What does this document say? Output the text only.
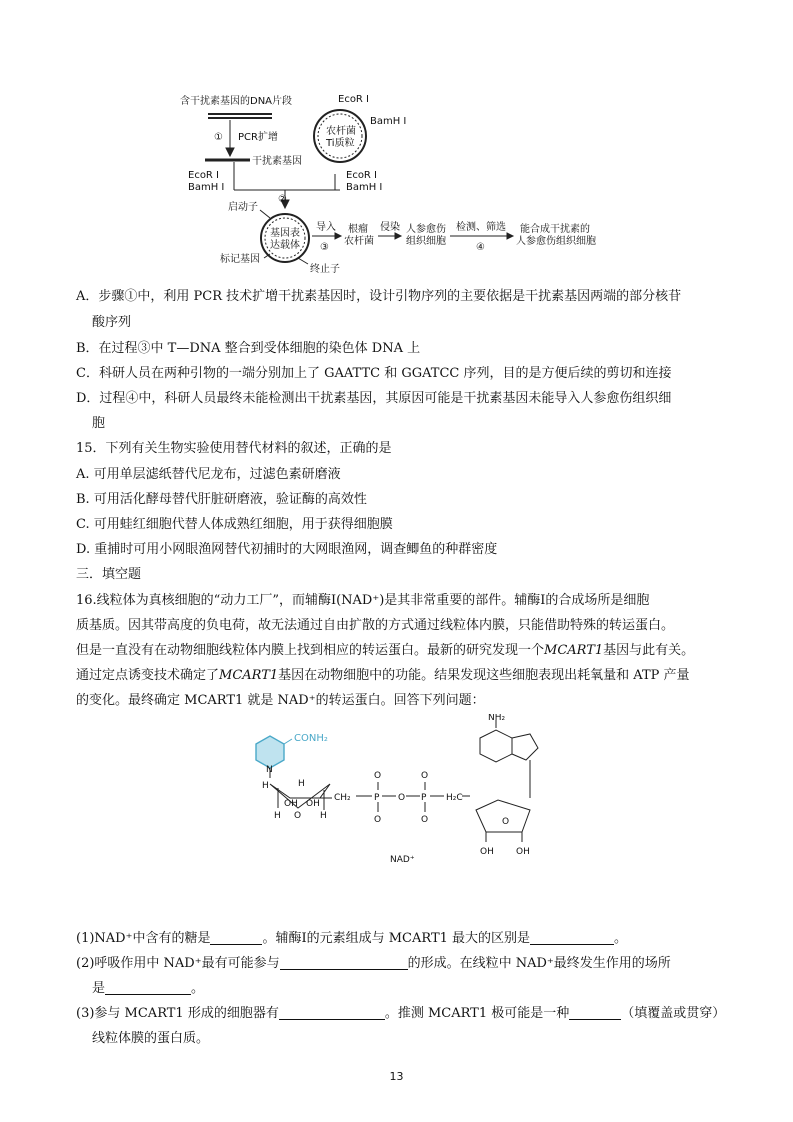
含干扰素基因的DNA片段
① PCR扩增
干扰素基因
EcoR Ⅰ
BamH Ⅰ
EcoR Ⅰ
BamH Ⅰ
农杆菌
Ti质粒
EcoR Ⅰ
BamH Ⅰ
②
启动子
基因表
达载体
导入
③
根瘤
农杆菌
侵染 人参愈伤
组织细胞
检测、筛选
④
能合成干扰素的
人参愈伤组织细胞
标记基因
终止子
A．步骤①中，利用 PCR 技术扩增干扰素基因时，设计引物序列的主要依据是干扰素基因两端的部分核苷
酸序列
B．在过程③中 T—DNA 整合到受体细胞的染色体 DNA 上
C．科研人员在两种引物的一端分别加上了 GAATTC 和 GGATCC 序列，目的是方便后续的剪切和连接
D．过程④中，科研人员最终未能检测出干扰素基因，其原因可能是干扰素基因未能导入人参愈伤组织细
胞
15．下列有关生物实验使用替代材料的叙述，正确的是
A. 可用单层滤纸替代尼龙布，过滤色素研磨液
B. 可用活化酵母替代肝脏研磨液，验证酶的高效性
C. 可用蛙红细胞代替人体成熟红细胞，用于获得细胞膜
D. 重捕时可用小网眼渔网替代初捕时的大网眼渔网，调查鲫鱼的种群密度
三．填空题
16.线粒体为真核细胞的“动力工厂”，而辅酶Ⅰ(NAD⁺)是其非常重要的部件。辅酶Ⅰ的合成场所是细胞
质基质。因其带高度的负电荷，故无法通过自由扩散的方式通过线粒体内膜，只能借助特殊的转运蛋白。
但是一直没有在动物细胞线粒体内膜上找到相应的转运蛋白。最新的研究发现一个MCART1基因与此有关。
通过定点诱变技术确定了MCART1基因在动物细胞中的功能。结果发现这些细胞表现出耗氧量和 ATP 产量
的变化。最终确定 MCART1 就是 NAD⁺的转运蛋白。回答下列问题：
CONH₂
N
H	H
OH OH
H	H
O
CH₂	P	P
O	O
O	O
O	H₂C
NH₂
O
OH OH
NAD⁺
(1)NAD⁺中含有的糖是	。辅酶Ⅰ的元素组成与 MCART1 最大的区别是	。
(2)呼吸作用中 NAD⁺最有可能参与	的形成。在线粒中 NAD⁺最终发生作用的场所
是	。
(3)参与 MCART1 形成的细胞器有	。推测 MCART1 极可能是一种	（填覆盖或贯穿）
线粒体膜的蛋白质。
13
